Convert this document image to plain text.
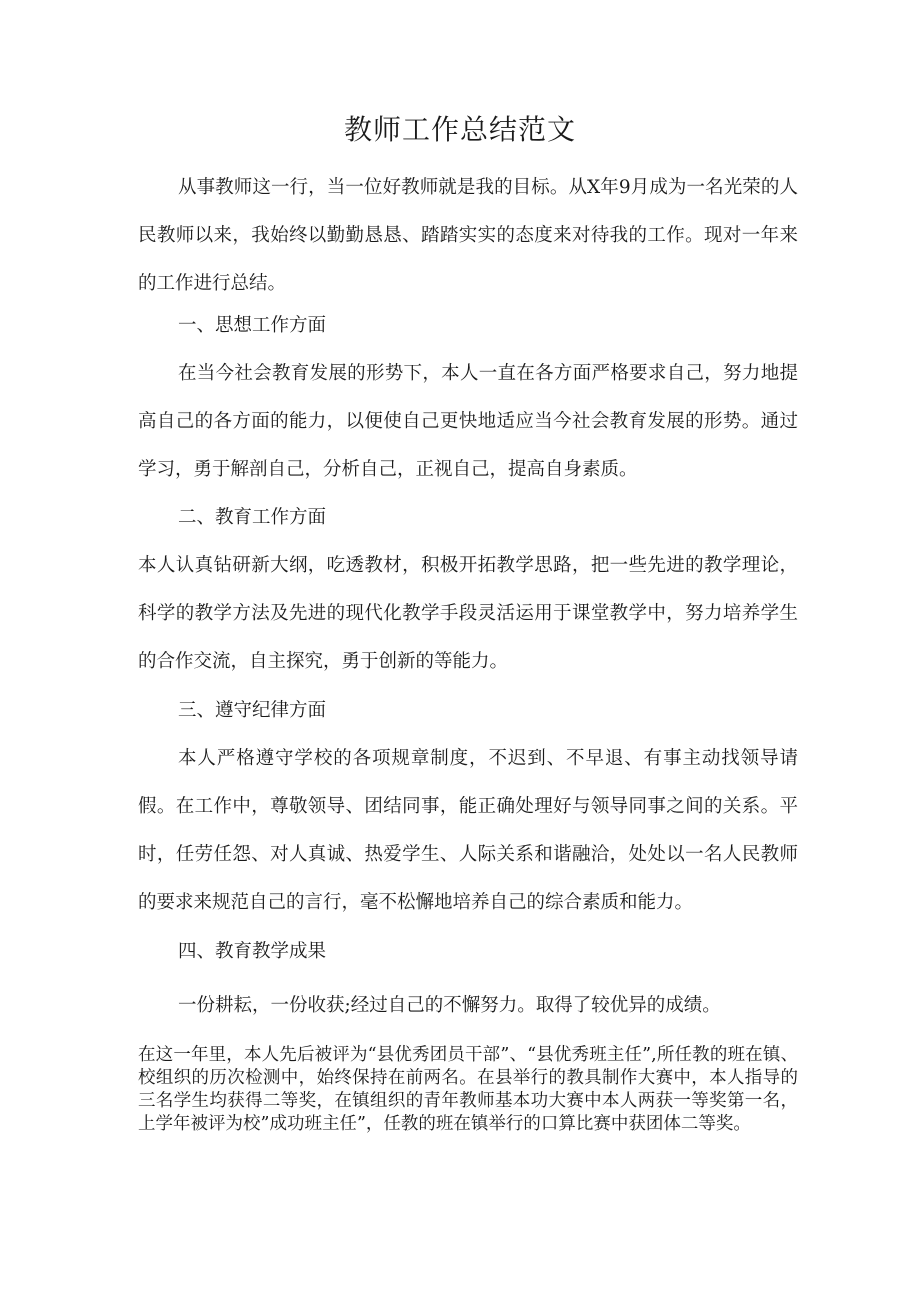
教师工作总结范文

从事教师这一行，当一位好教师就是我的目标。从X年9月成为一名光荣的人民教师以来，我始终以勤勤恳恳、踏踏实实的态度来对待我的工作。现对一年来的工作进行总结。

一、思想工作方面

在当今社会教育发展的形势下，本人一直在各方面严格要求自己，努力地提高自己的各方面的能力，以便使自己更快地适应当今社会教育发展的形势。通过学习，勇于解剖自己，分析自己，正视自己，提高自身素质。

二、教育工作方面

本人认真钻研新大纲，吃透教材，积极开拓教学思路，把一些先进的教学理论，科学的教学方法及先进的现代化教学手段灵活运用于课堂教学中，努力培养学生的合作交流，自主探究，勇于创新的等能力。

三、遵守纪律方面

本人严格遵守学校的各项规章制度，不迟到、不早退、有事主动找领导请假。在工作中，尊敬领导、团结同事，能正确处理好与领导同事之间的关系。平时，任劳任怨、对人真诚、热爱学生、人际关系和谐融洽，处处以一名人民教师的要求来规范自己的言行，毫不松懈地培养自己的综合素质和能力。

四、教育教学成果

一份耕耘，一份收获;经过自己的不懈努力。取得了较优异的成绩。

在这一年里，本人先后被评为“县优秀团员干部”、“县优秀班主任”,所任教的班在镇、校组织的历次检测中，始终保持在前两名。在县举行的教具制作大赛中，本人指导的三名学生均获得二等奖，在镇组织的青年教师基本功大赛中本人两获一等奖第一名，上学年被评为校”成功班主任”，任教的班在镇举行的口算比赛中获团体二等奖。
